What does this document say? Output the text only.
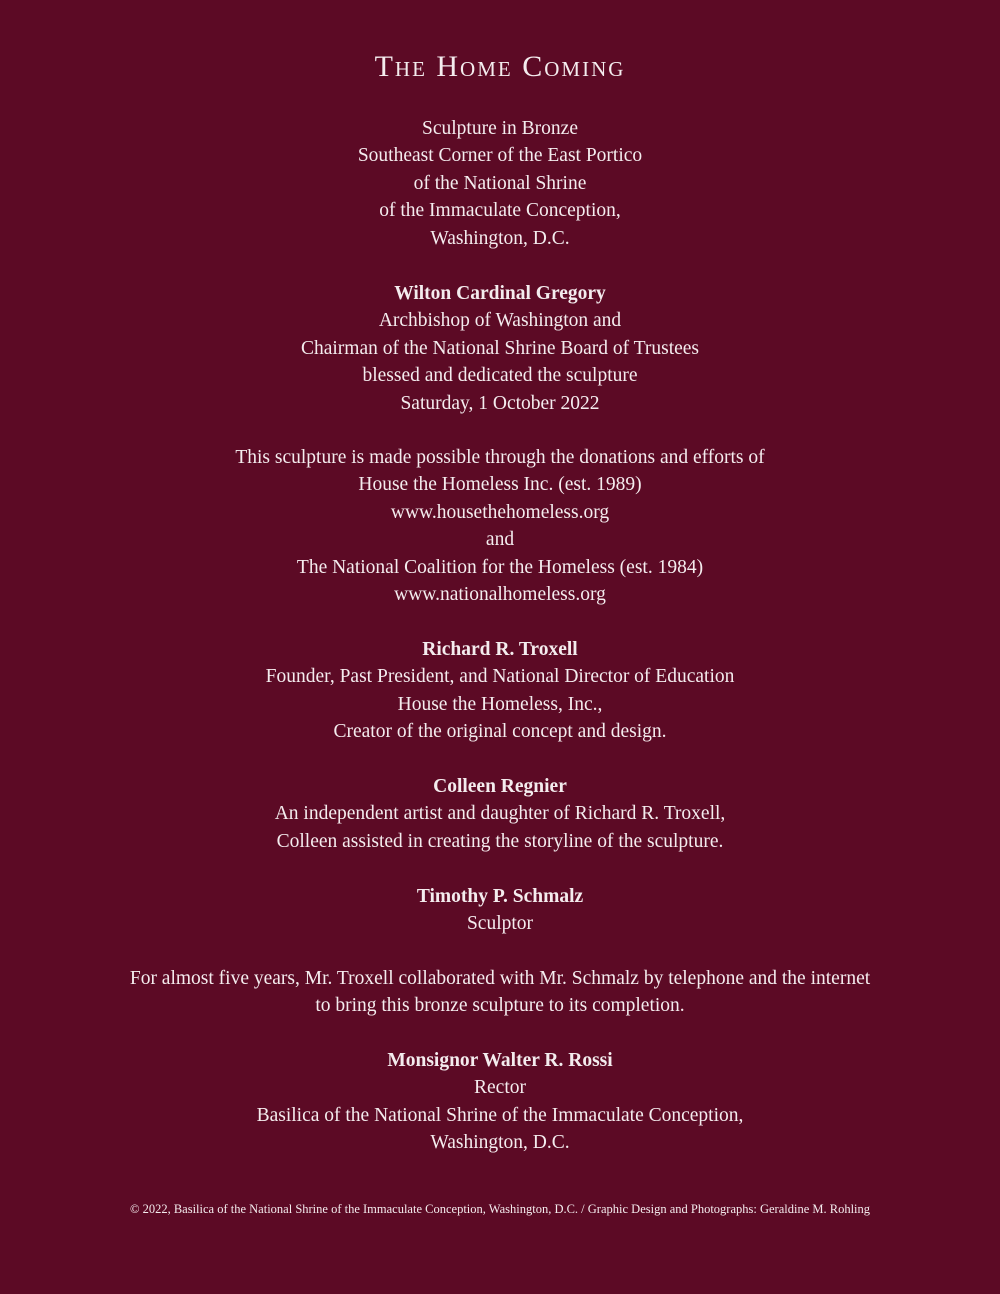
The Home Coming
Sculpture in Bronze
Southeast Corner of the East Portico
of the National Shrine
of the Immaculate Conception,
Washington, D.C.
Wilton Cardinal Gregory
Archbishop of Washington and
Chairman of the National Shrine Board of Trustees
blessed and dedicated the sculpture
Saturday, 1 October 2022
This sculpture is made possible through the donations and efforts of
House the Homeless Inc. (est. 1989)
www.housethehomeless.org
and
The National Coalition for the Homeless (est. 1984)
www.nationalhomeless.org
Richard R. Troxell
Founder, Past President, and National Director of Education
House the Homeless, Inc.,
Creator of the original concept and design.
Colleen Regnier
An independent artist and daughter of Richard R. Troxell,
Colleen assisted in creating the storyline of the sculpture.
Timothy P. Schmalz
Sculptor
For almost five years, Mr. Troxell collaborated with Mr. Schmalz by telephone and the internet
to bring this bronze sculpture to its completion.
Monsignor Walter R. Rossi
Rector
Basilica of the National Shrine of the Immaculate Conception,
Washington, D.C.
© 2022, Basilica of the National Shrine of the Immaculate Conception, Washington, D.C. / Graphic Design and Photographs: Geraldine M. Rohling
